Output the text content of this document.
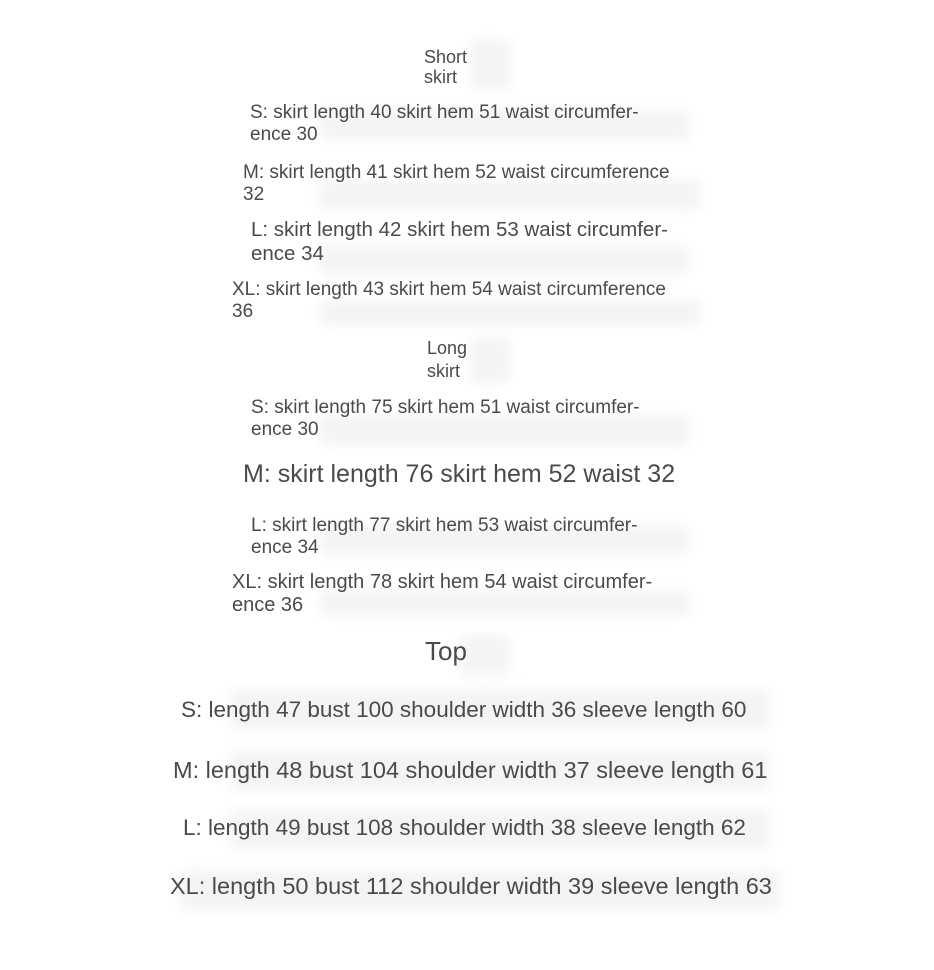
Short
skirt
S: skirt length 40 skirt hem 51 waist circumfer-
ence 30
M: skirt length 41 skirt hem 52 waist circumference
32
L: skirt length 42 skirt hem 53 waist circumfer-
ence 34
XL: skirt length 43 skirt hem 54 waist circumference
36
Long
skirt
S: skirt length 75 skirt hem 51 waist circumfer-
ence 30
M: skirt length 76 skirt hem 52 waist 32
L: skirt length 77 skirt hem 53 waist circumfer-
ence 34
XL: skirt length 78 skirt hem 54 waist circumfer-
ence 36
Top
S: length 47 bust 100 shoulder width 36 sleeve length 60
M: length 48 bust 104 shoulder width 37 sleeve length 61
L: length 49 bust 108 shoulder width 38 sleeve length 62
XL: length 50 bust 112 shoulder width 39 sleeve length 63
